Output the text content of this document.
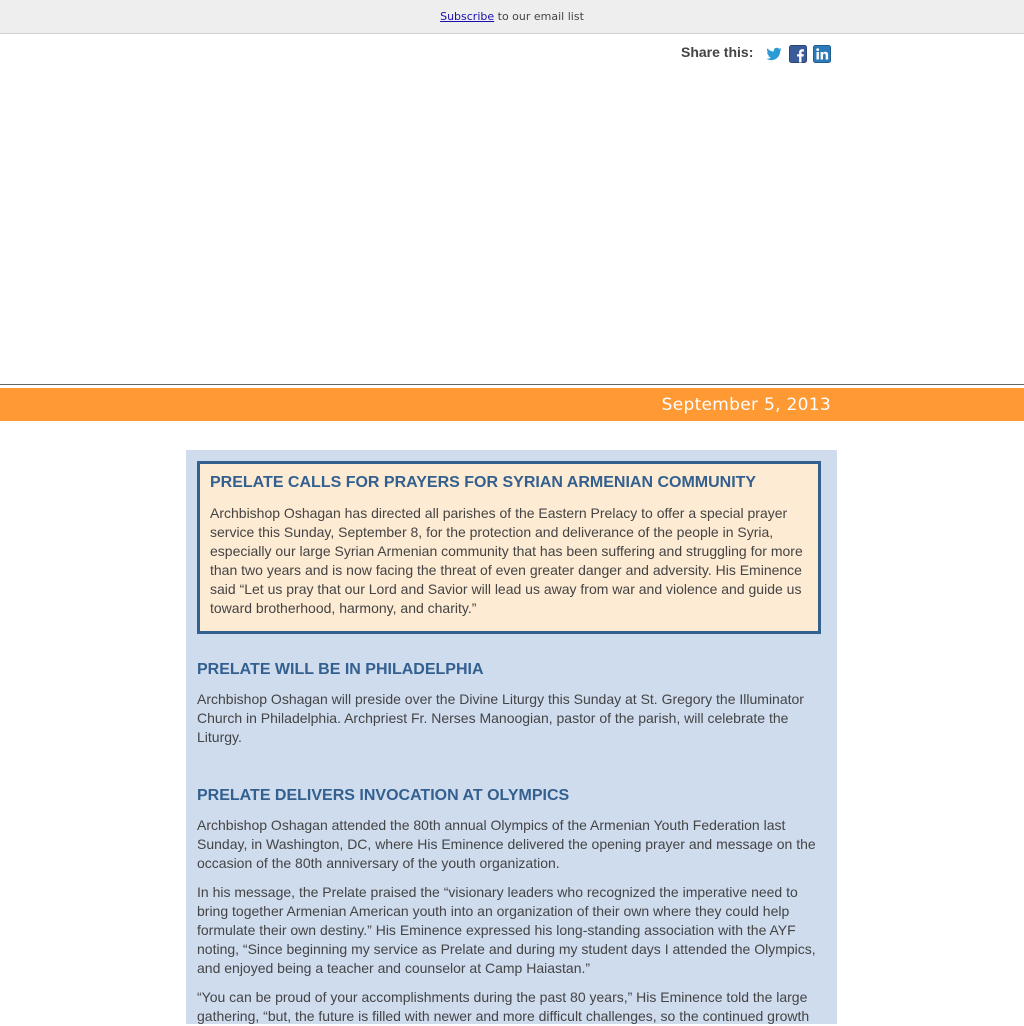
Subscribe to our email list
Share this:
September 5, 2013
PRELATE CALLS FOR PRAYERS FOR SYRIAN ARMENIAN COMMUNITY

Archbishop Oshagan has directed all parishes of the Eastern Prelacy to offer a special prayer service this Sunday, September 8, for the protection and deliverance of the people in Syria, especially our large Syrian Armenian community that has been suffering and struggling for more than two years and is now facing the threat of even greater danger and adversity. His Eminence said “Let us pray that our Lord and Savior will lead us away from war and violence and guide us toward brotherhood, harmony, and charity.”

PRELATE WILL BE IN PHILADELPHIA

Archbishop Oshagan will preside over the Divine Liturgy this Sunday at St. Gregory the Illuminator Church in Philadelphia. Archpriest Fr. Nerses Manoogian, pastor of the parish, will celebrate the Liturgy.

PRELATE DELIVERS INVOCATION AT OLYMPICS

Archbishop Oshagan attended the 80th annual Olympics of the Armenian Youth Federation last Sunday, in Washington, DC, where His Eminence delivered the opening prayer and message on the occasion of the 80th anniversary of the youth organization.

In his message, the Prelate praised the “visionary leaders who recognized the imperative need to bring together Armenian American youth into an organization of their own where they could help formulate their own destiny.” His Eminence expressed his long-standing association with the AYF noting, “Since beginning my service as Prelate and during my student days I attended the Olympics, and enjoyed being a teacher and counselor at Camp Haiastan.”

“You can be proud of your accomplishments during the past 80 years,” His Eminence told the large gathering, “but, the future is filled with newer and more difficult challenges, so the continued growth
